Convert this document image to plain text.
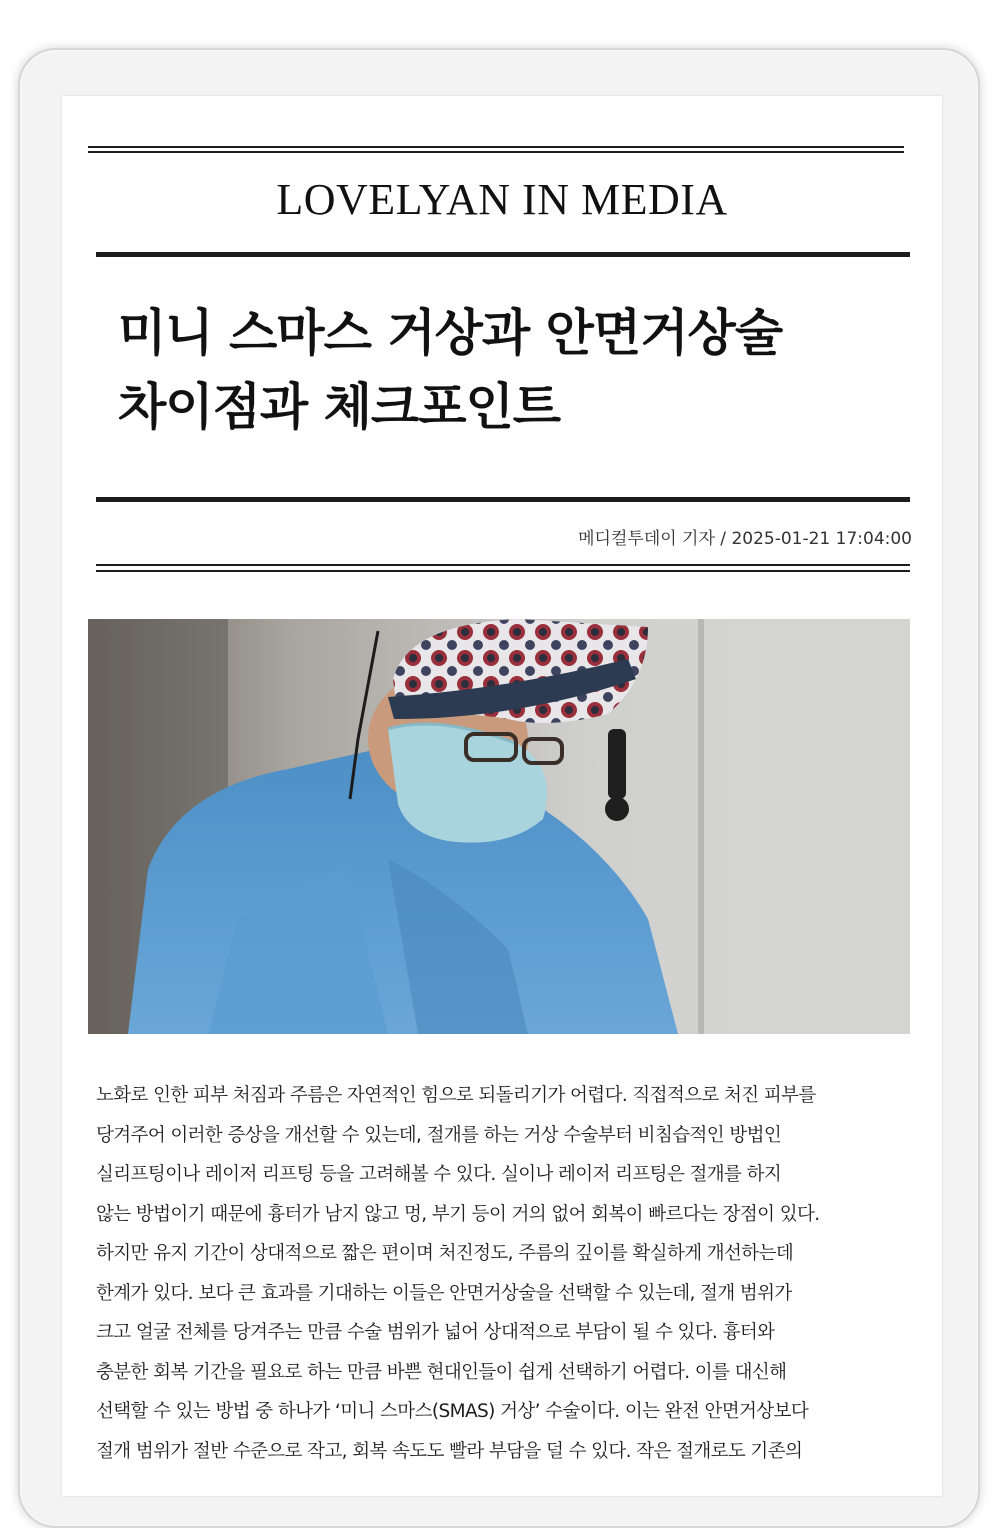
LOVELYAN IN MEDIA
미니 스마스 거상과 안면거상술
차이점과 체크포인트
메디컬투데이 기자 / 2025-01-21 17:04:00

노화로 인한 피부 처짐과 주름은 자연적인 힘으로 되돌리기가 어렵다. 직접적으로 처진 피부를

당겨주어 이러한 증상을 개선할 수 있는데, 절개를 하는 거상 수술부터 비침습적인 방법인

실리프팅이나 레이저 리프팅 등을 고려해볼 수 있다. 실이나 레이저 리프팅은 절개를 하지

않는 방법이기 때문에 흉터가 남지 않고 멍, 부기 등이 거의 없어 회복이 빠르다는 장점이 있다.

하지만 유지 기간이 상대적으로 짧은 편이며 처진정도, 주름의 깊이를 확실하게 개선하는데

한계가 있다. 보다 큰 효과를 기대하는 이들은 안면거상술을 선택할 수 있는데, 절개 범위가

크고 얼굴 전체를 당겨주는 만큼 수술 범위가 넓어 상대적으로 부담이 될 수 있다. 흉터와

충분한 회복 기간을 필요로 하는 만큼 바쁜 현대인들이 쉽게 선택하기 어렵다. 이를 대신해

선택할 수 있는 방법 중 하나가 ‘미니 스마스(SMAS) 거상’ 수술이다. 이는 완전 안면거상보다

절개 범위가 절반 수준으로 작고, 회복 속도도 빨라 부담을 덜 수 있다. 작은 절개로도 기존의
